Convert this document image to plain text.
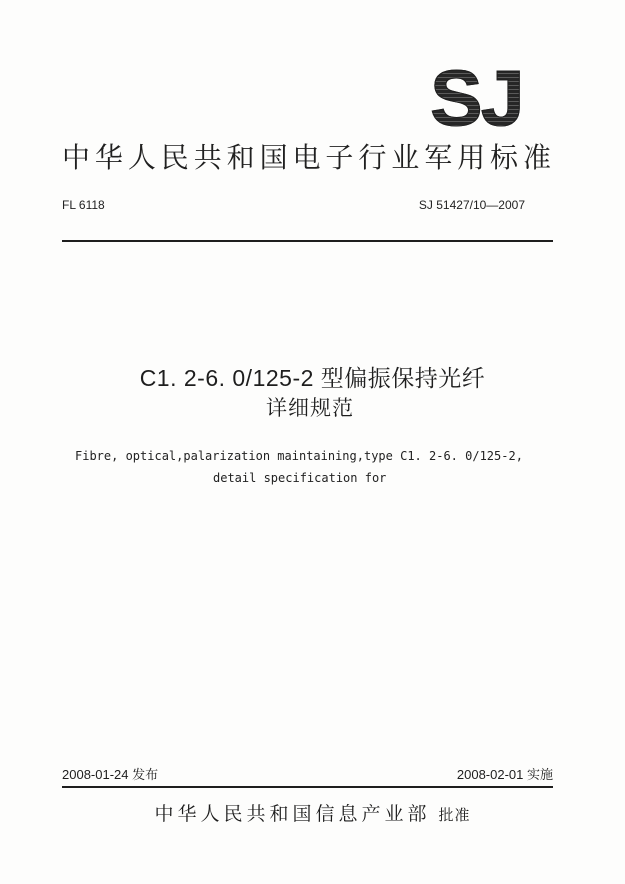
SJ
中华人民共和国电子行业军用标准
FL 6118	SJ 51427/10—2007
C1. 2-6. 0/125-2 型偏振保持光纤
详细规范
Fibre, optical,palarization maintaining,type C1. 2-6. 0/125-2,
detail specification for
2008-01-24 发布	2008-02-01 实施
中华人民共和国信息产业部 批准
